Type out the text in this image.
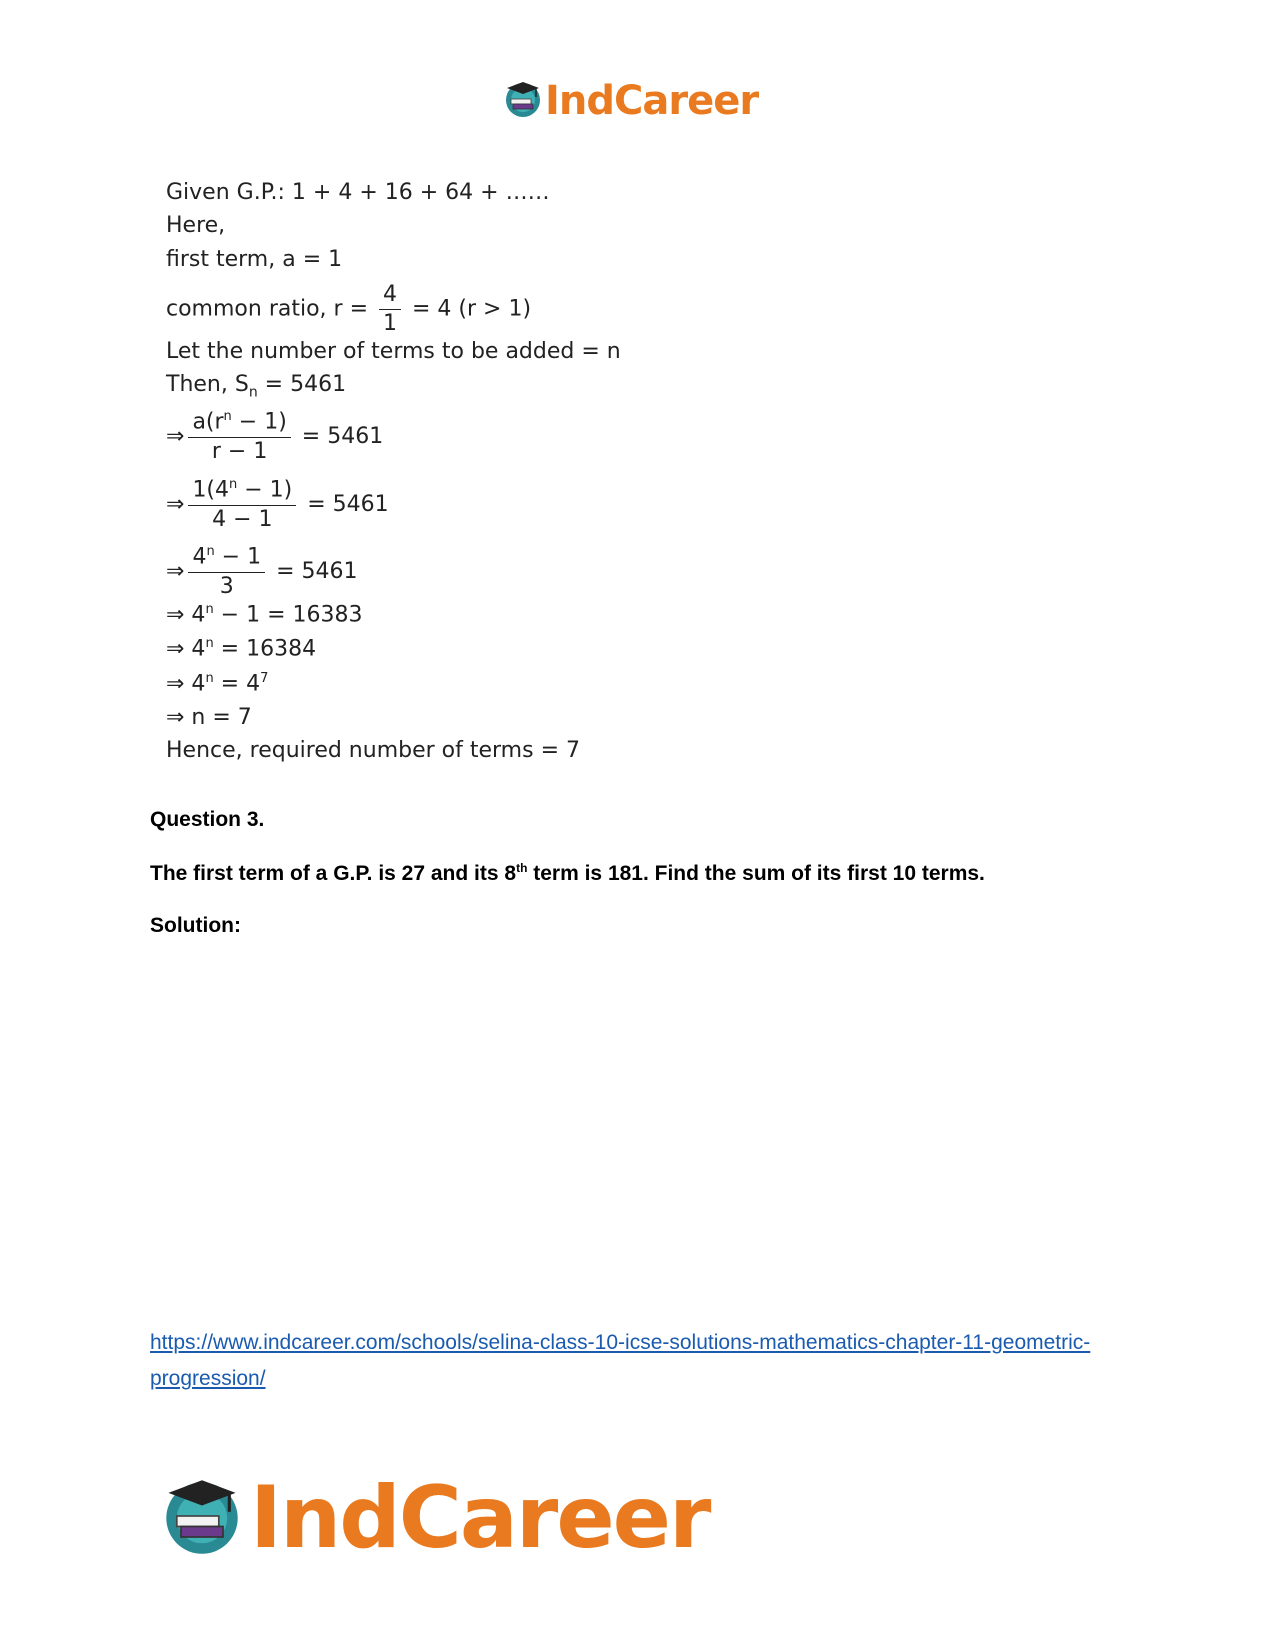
IndCareer
Given G.P.: 1 + 4 + 16 + 64 + ……
Here,
first term, a = 1
common ratio, $r = \frac{4}{1} = 4$ (r > 1)
Let the number of terms to be added = n
Then, $S_n = 5461$
⇒ $\frac{a(r^n - 1)}{r - 1} = 5461$
⇒ $\frac{1(4^n - 1)}{4 - 1} = 5461$
⇒ $\frac{4^n - 1}{3} = 5461$
⇒ $4^n - 1 = 16383$
⇒ $4^n = 16384$
⇒ $4^n = 4^7$
⇒ n = 7
Hence, required number of terms = 7
Question 3.
The first term of a G.P. is 27 and its 8th term is 181. Find the sum of its first 10 terms.
Solution:
https://www.indcareer.com/schools/selina-class-10-icse-solutions-mathematics-chapter-11-geometric-progression/
IndCareer
